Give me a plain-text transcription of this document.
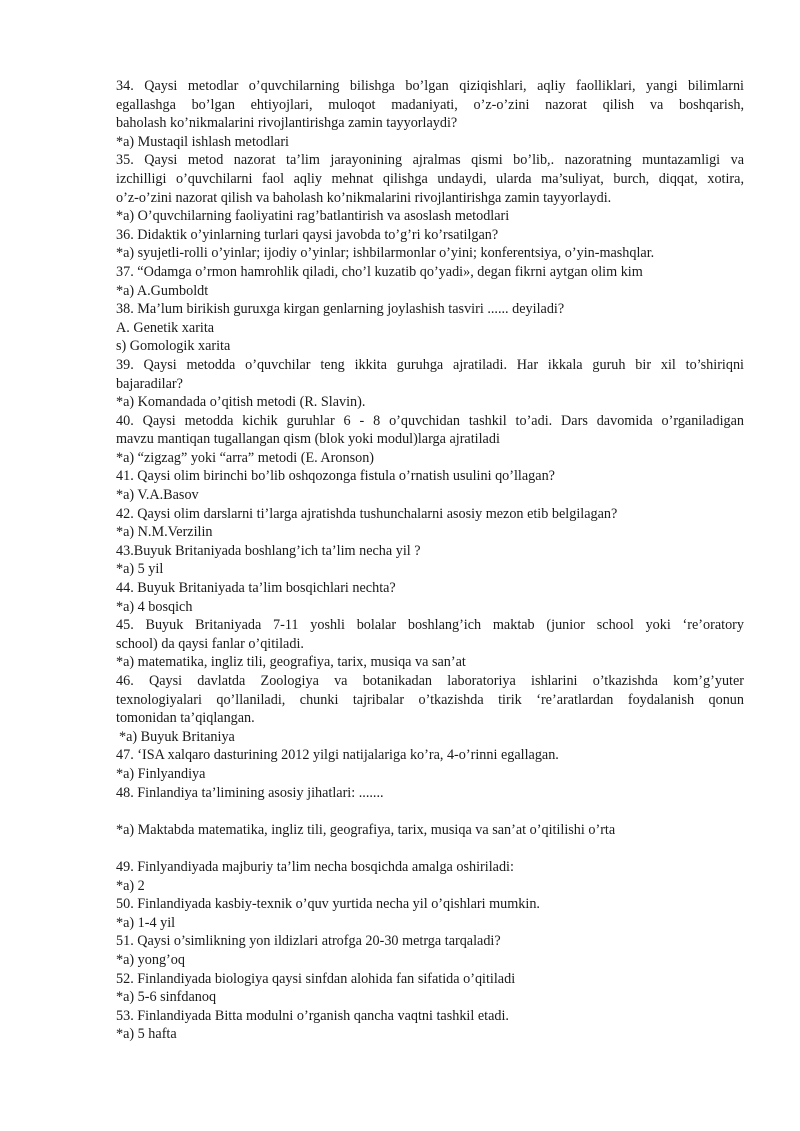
34. Qaysi metodlar o’quvchilarning bilishga bo’lgan qiziqishlari, aqliy faolliklari, yangi bilimlarni
egallashga bo’lgan ehtiyojlari, muloqot madaniyati, o’z-o’zini nazorat qilish va boshqarish,
baholash ko’nikmalarini rivojlantirishga zamin tayyorlaydi?
*a) Mustaqil ishlash metodlari
35. Qaysi metod nazorat ta’lim jarayonining ajralmas qismi bo’lib,. nazoratning muntazamligi va
izchilligi o’quvchilarni faol aqliy mehnat qilishga undaydi, ularda ma’suliyat, burch, diqqat, xotira,
o’z-o’zini nazorat qilish va baholash ko’nikmalarini rivojlantirishga zamin tayyorlaydi.
*a) O’quvchilarning faoliyatini rag’batlantirish va asoslash metodlari
36. Didaktik o’yinlarning turlari qaysi javobda to’g’ri ko’rsatilgan?
*a) syujetli-rolli o’yinlar; ijodiy o’yinlar; ishbilarmonlar o’yini; konferentsiya, o’yin-mashqlar.
37. “Odamga o’rmon hamrohlik qiladi, cho’l kuzatib qo’yadi», degan fikrni aytgan olim kim
*a) A.Gumboldt
38. Ma’lum birikish guruxga kirgan genlarning joylashish tasviri ...... deyiladi?
A. Genetik xarita
s) Gomologik xarita
39. Qaysi metodda o’quvchilar teng ikkita guruhga ajratiladi. Har ikkala guruh bir xil to’shiriqni
bajaradilar?
*a) Komandada o’qitish metodi (R. Slavin).
40. Qaysi metodda kichik guruhlar 6 - 8 o’quvchidan tashkil to’adi. Dars davomida o’rganiladigan
mavzu mantiqan tugallangan qism (blok yoki modul)larga ajratiladi
*a) “zigzag” yoki “arra” metodi (E. Aronson)
41. Qaysi olim birinchi bo’lib oshqozonga fistula o’rnatish usulini qo’llagan?
*a) V.A.Basov
42. Qaysi olim darslarni ti’larga ajratishda tushunchalarni asosiy mezon etib belgilagan?
*a) N.M.Verzilin
43.Buyuk Britaniyada boshlang’ich ta’lim necha yil ?
*a) 5 yil
44. Buyuk Britaniyada ta’lim bosqichlari nechta?
*a) 4 bosqich
45. Buyuk Britaniyada 7-11 yoshli bolalar boshlang’ich maktab (junior school yoki ‘re’oratory
school) da qaysi fanlar o’qitiladi.
*a) matematika, ingliz tili, geografiya, tarix, musiqa va san’at
46. Qaysi davlatda Zoologiya va botanikadan laboratoriya ishlarini o’tkazishda kom’g’yuter
texnologiyalari qo’llaniladi, chunki tajribalar o’tkazishda tirik ‘re’aratlardan foydalanish qonun
tomonidan ta’qiqlangan.
*a) Buyuk Britaniya
47. ‘ISA xalqaro dasturining 2012 yilgi natijalariga ko’ra, 4-o’rinni egallagan.
*a) Finlyandiya
48. Finlandiya ta’limining asosiy jihatlari: .......
*a) Maktabda matematika, ingliz tili, geografiya, tarix, musiqa va san’at o’qitilishi o’rta
49. Finlyandiyada majburiy ta’lim necha bosqichda amalga oshiriladi:
*a) 2
50. Finlandiyada kasbiy-texnik o’quv yurtida necha yil o’qishlari mumkin.
*a) 1-4 yil
51. Qaysi o’simlikning yon ildizlari atrofga 20-30 metrga tarqaladi?
*a) yong’oq
52. Finlandiyada biologiya qaysi sinfdan alohida fan sifatida o’qitiladi
*a) 5-6 sinfdanoq
53. Finlandiyada Bitta modulni o’rganish qancha vaqtni tashkil etadi.
*a) 5 hafta
